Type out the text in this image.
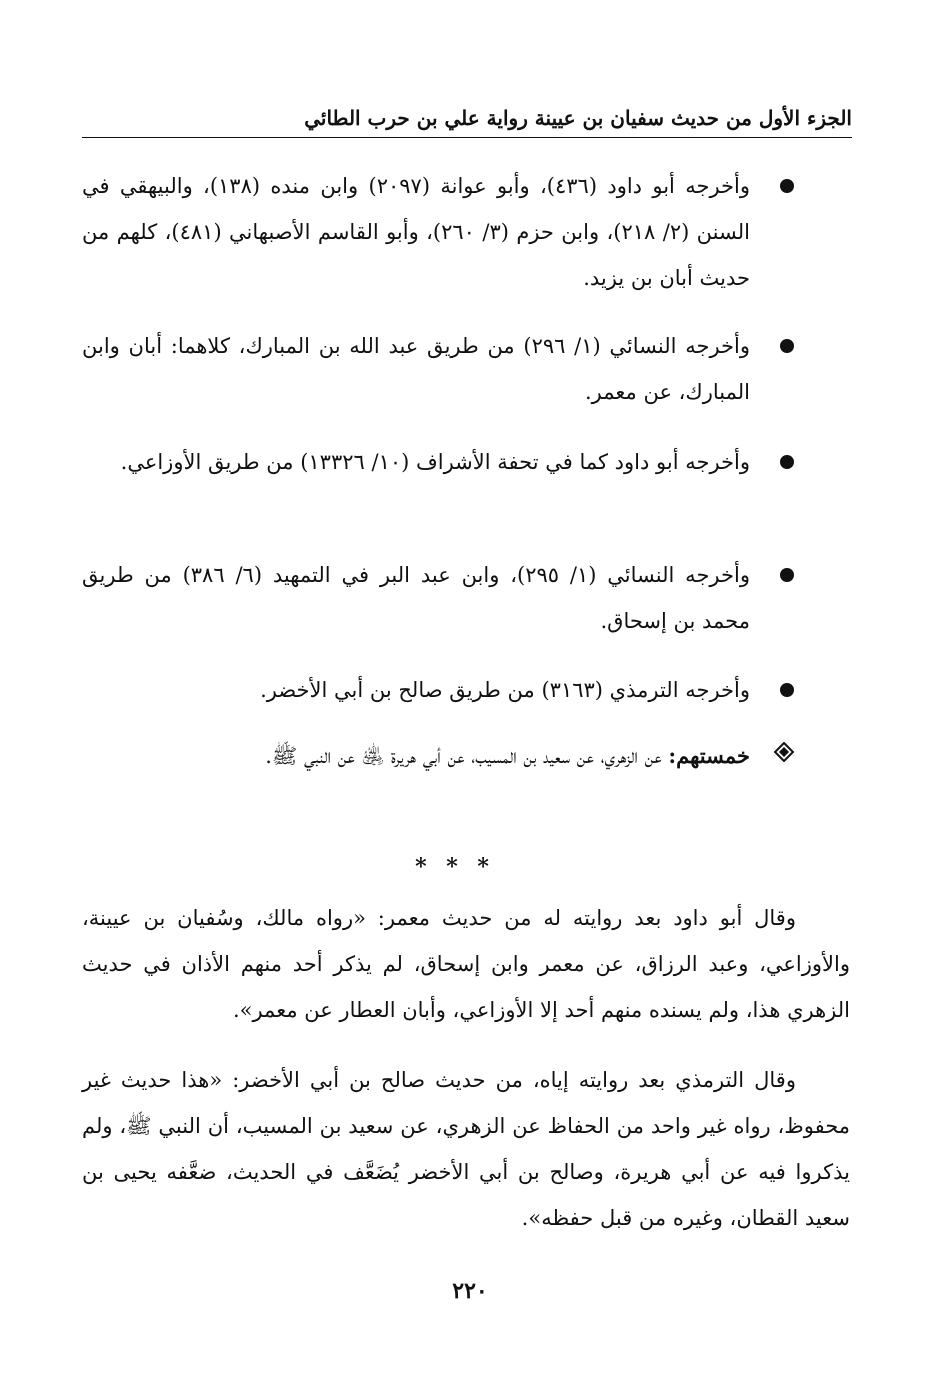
الجزء الأول من حديث سفيان بن عيينة رواية علي بن حرب الطائي
وأخرجه أبو داود (٤٣٦)، وأبو عوانة (٢٠٩٧) وابن منده (١٣٨)، والبيهقي في السنن (٢/ ٢١٨)، وابن حزم (٣/ ٢٦٠)، وأبو القاسم الأصبهاني (٤٨١)، كلهم من حديث أبان بن يزيد.
وأخرجه النسائي (١/ ٢٩٦) من طريق عبد الله بن المبارك، كلاهما: أبان وابن المبارك، عن معمر.
وأخرجه أبو داود كما في تحفة الأشراف (١٠/ ١٣٣٢٦) من طريق الأوزاعي.
وأخرجه النسائي (١/ ٢٩٥)، وابن عبد البر في التمهيد (٦/ ٣٨٦) من طريق محمد بن إسحاق.
وأخرجه الترمذي (٣١٦٣) من طريق صالح بن أبي الأخضر.
خمستهم: عن الزهري، عن سعيد بن المسيب، عن أبي هريرة ﵁ عن النبي ﷺ.
* * *
وقال أبو داود بعد روايته له من حديث معمر: «رواه مالك، وسُفيان بن عيينة، والأوزاعي، وعبد الرزاق، عن معمر وابن إسحاق، لم يذكر أحد منهم الأذان في حديث الزهري هذا، ولم يسنده منهم أحد إلا الأوزاعي، وأبان العطار عن معمر».
وقال الترمذي بعد روايته إياه، من حديث صالح بن أبي الأخضر: «هذا حديث غير محفوظ، رواه غير واحد من الحفاظ عن الزهري، عن سعيد بن المسيب، أن النبي ﷺ، ولم يذكروا فيه عن أبي هريرة، وصالح بن أبي الأخضر يُضَعَّف في الحديث، ضعَّفه يحيى بن سعيد القطان، وغيره من قبل حفظه».
٢٢٠
